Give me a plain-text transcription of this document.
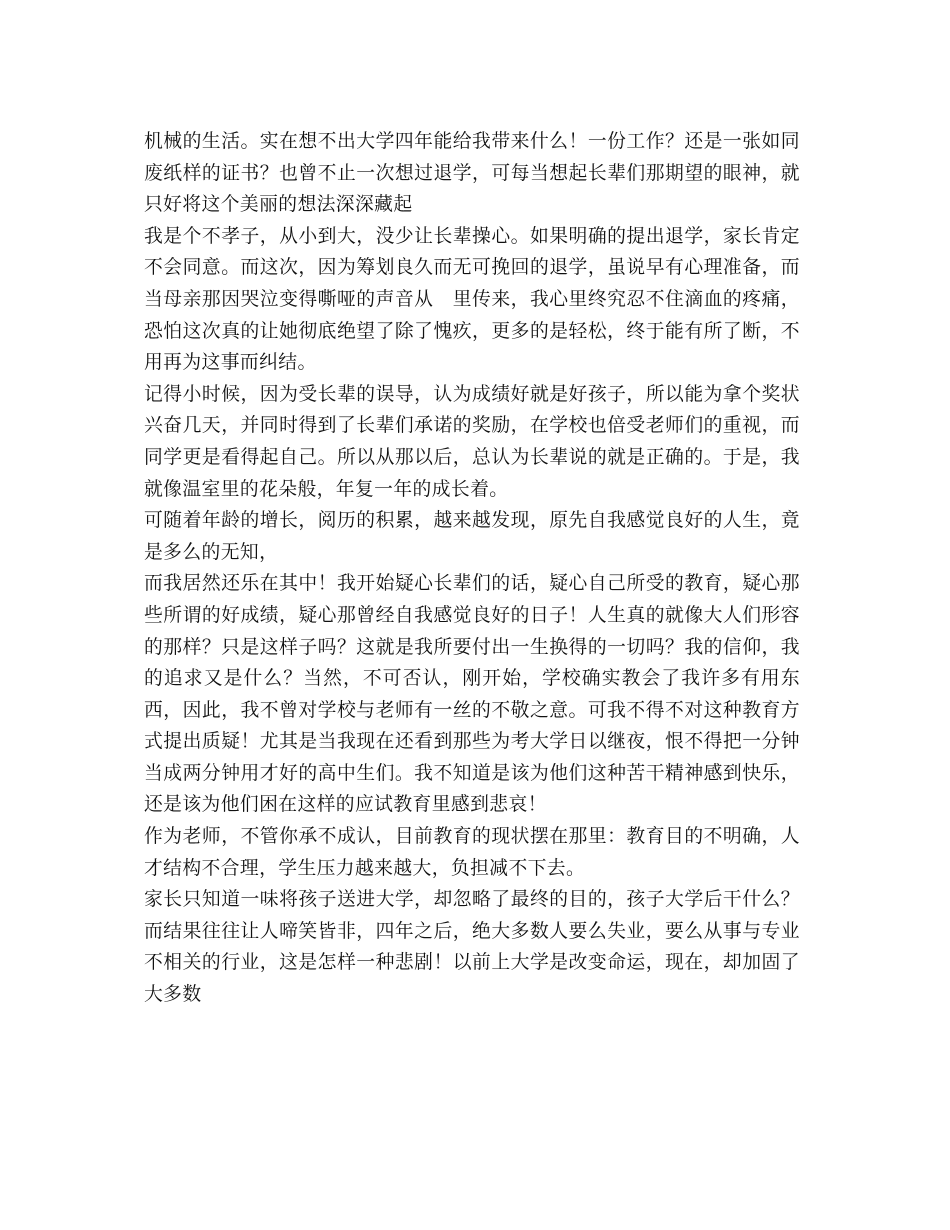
机械的生活。实在想不出大学四年能给我带来什么！一份工作？还是一张如同废纸样的证书？也曾不止一次想过退学，可每当想起长辈们那期望的眼神，就只好将这个美丽的想法深深藏起

我是个不孝子，从小到大，没少让长辈操心。如果明确的提出退学，家长肯定不会同意。而这次，因为筹划良久而无可挽回的退学，虽说早有心理准备，而当母亲那因哭泣变得嘶哑的声音从　里传来，我心里终究忍不住滴血的疼痛，恐怕这次真的让她彻底绝望了除了愧疚，更多的是轻松，终于能有所了断，不用再为这事而纠结。

记得小时候，因为受长辈的误导，认为成绩好就是好孩子，所以能为拿个奖状兴奋几天，并同时得到了长辈们承诺的奖励，在学校也倍受老师们的重视，而同学更是看得起自己。所以从那以后，总认为长辈说的就是正确的。于是，我就像温室里的花朵般，年复一年的成长着。

可随着年龄的增长，阅历的积累，越来越发现，原先自我感觉良好的人生，竟是多么的无知，

而我居然还乐在其中！我开始疑心长辈们的话，疑心自己所受的教育，疑心那些所谓的好成绩，疑心那曾经自我感觉良好的日子！人生真的就像大人们形容的那样？只是这样子吗？这就是我所要付出一生换得的一切吗？我的信仰，我的追求又是什么？当然，不可否认，刚开始，学校确实教会了我许多有用东西，因此，我不曾对学校与老师有一丝的不敬之意。可我不得不对这种教育方式提出质疑！尤其是当我现在还看到那些为考大学日以继夜，恨不得把一分钟当成两分钟用才好的高中生们。我不知道是该为他们这种苦干精神感到快乐，还是该为他们困在这样的应试教育里感到悲哀！

作为老师，不管你承不成认，目前教育的现状摆在那里：教育目的不明确，人才结构不合理，学生压力越来越大，负担减不下去。

家长只知道一味将孩子送进大学，却忽略了最终的目的，孩子大学后干什么？而结果往往让人啼笑皆非，四年之后，绝大多数人要么失业，要么从事与专业不相关的行业，这是怎样一种悲剧！以前上大学是改变命运，现在，却加固了大多数
